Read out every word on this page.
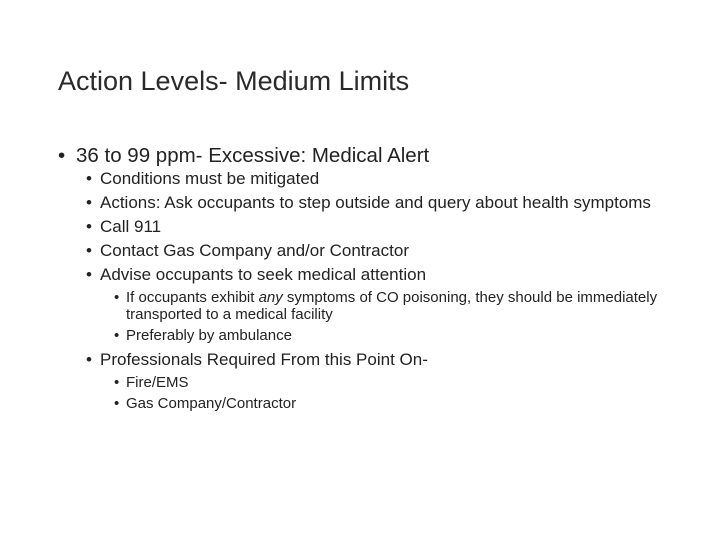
Action Levels- Medium Limits
• 36 to 99 ppm- Excessive: Medical Alert
• Conditions must be mitigated
• Actions: Ask occupants to step outside and query about health symptoms
• Call 911
• Contact Gas Company and/or Contractor
• Advise occupants to seek medical attention
• If occupants exhibit any symptoms of CO poisoning, they should be immediately transported to a medical facility
• Preferably by ambulance
• Professionals Required From this Point On-
• Fire/EMS
• Gas Company/Contractor
